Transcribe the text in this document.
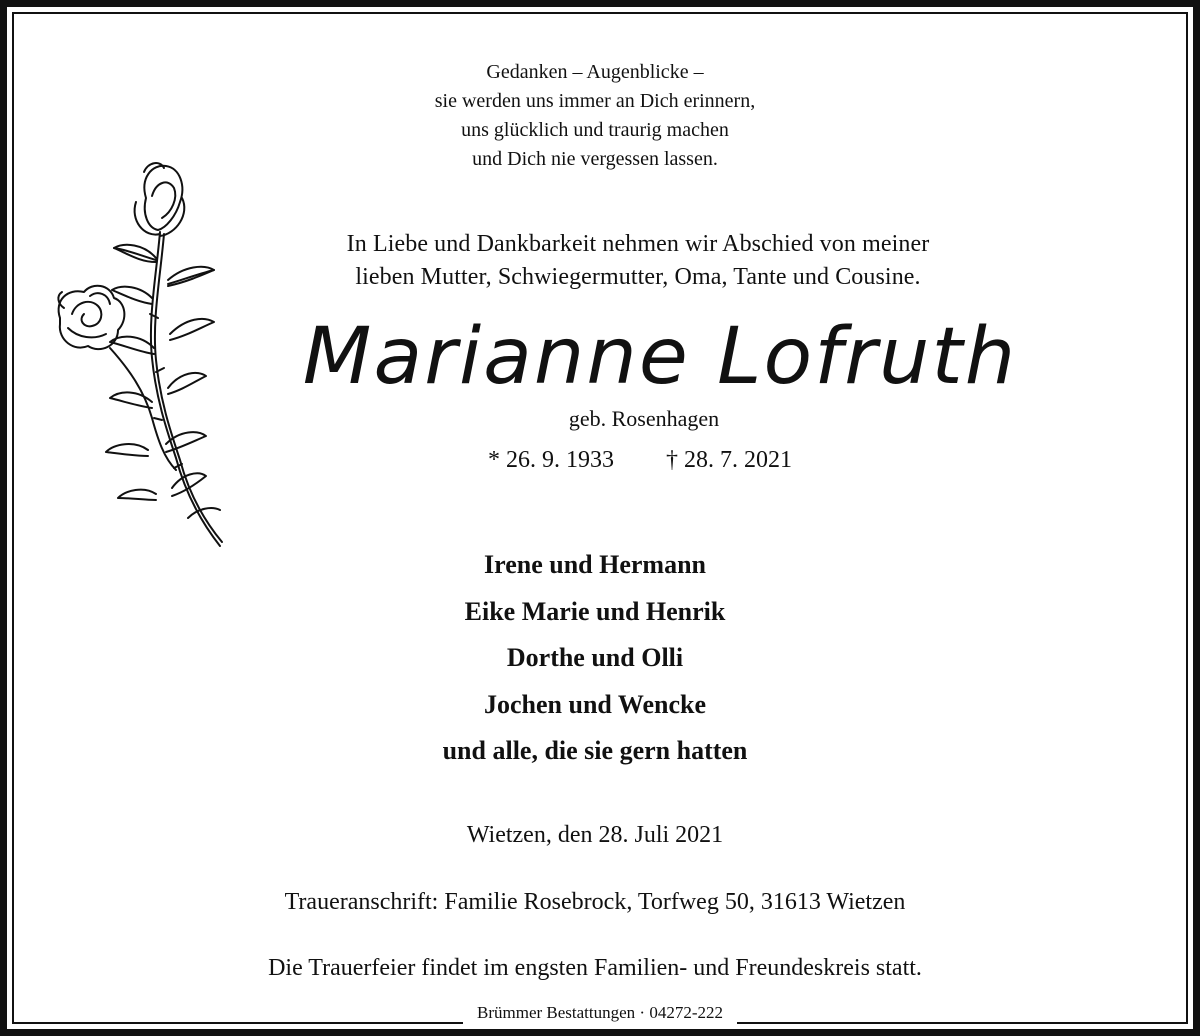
Gedanken – Augenblicke –
sie werden uns immer an Dich erinnern,
uns glücklich und traurig machen
und Dich nie vergessen lassen.
In Liebe und Dankbarkeit nehmen wir Abschied von meiner
lieben Mutter, Schwiegermutter, Oma, Tante und Cousine.
Marianne Lofruth
geb. Rosenhagen
* 26. 9. 1933 † 28. 7. 2021
Irene und Hermann
Eike Marie und Henrik
Dorthe und Olli
Jochen und Wencke
und alle, die sie gern hatten
Wietzen, den 28. Juli 2021
Traueranschrift: Familie Rosebrock, Torfweg 50, 31613 Wietzen
Die Trauerfeier findet im engsten Familien- und Freundeskreis statt.
Brümmer Bestattungen · 04272-222
